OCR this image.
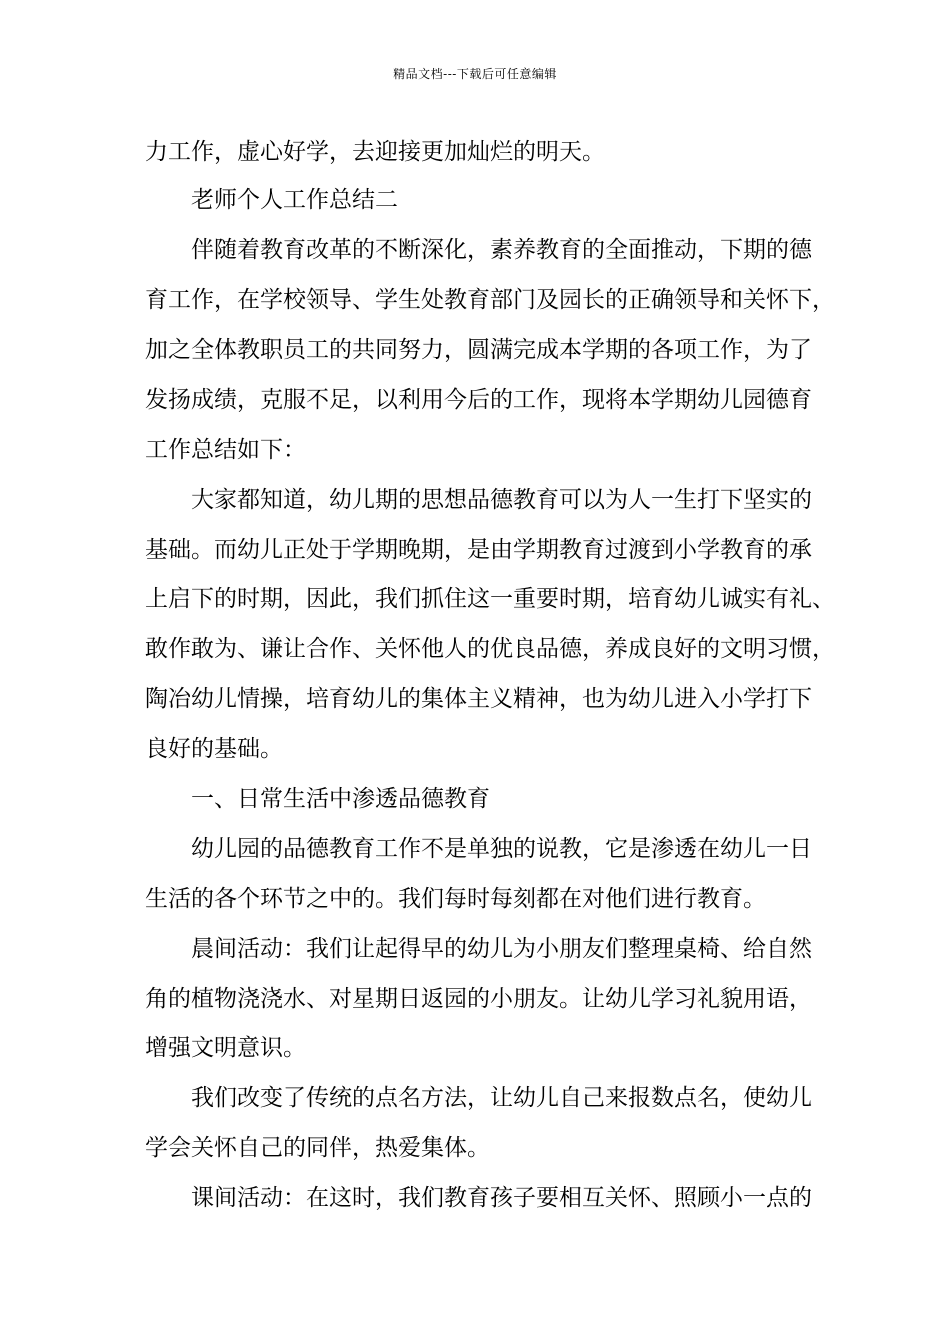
精品文档---下载后可任意编辑
力工作，虚心好学，去迎接更加灿烂的明天。
老师个人工作总结二
伴随着教育改革的不断深化，素养教育的全面推动，下期的德
育工作，在学校领导、学生处教育部门及园长的正确领导和关怀下，
加之全体教职员工的共同努力，圆满完成本学期的各项工作，为了
发扬成绩，克服不足，以利用今后的工作，现将本学期幼儿园德育
工作总结如下：
大家都知道，幼儿期的思想品德教育可以为人一生打下坚实的
基础。而幼儿正处于学期晚期，是由学期教育过渡到小学教育的承
上启下的时期，因此，我们抓住这一重要时期，培育幼儿诚实有礼、
敢作敢为、谦让合作、关怀他人的优良品德，养成良好的文明习惯，
陶冶幼儿情操，培育幼儿的集体主义精神，也为幼儿进入小学打下
良好的基础。
一、日常生活中渗透品德教育
幼儿园的品德教育工作不是单独的说教，它是渗透在幼儿一日
生活的各个环节之中的。我们每时每刻都在对他们进行教育。
晨间活动：我们让起得早的幼儿为小朋友们整理桌椅、给自然
角的植物浇浇水、对星期日返园的小朋友。让幼儿学习礼貌用语，
增强文明意识。
我们改变了传统的点名方法，让幼儿自己来报数点名，使幼儿
学会关怀自己的同伴，热爱集体。
课间活动：在这时，我们教育孩子要相互关怀、照顾小一点的
